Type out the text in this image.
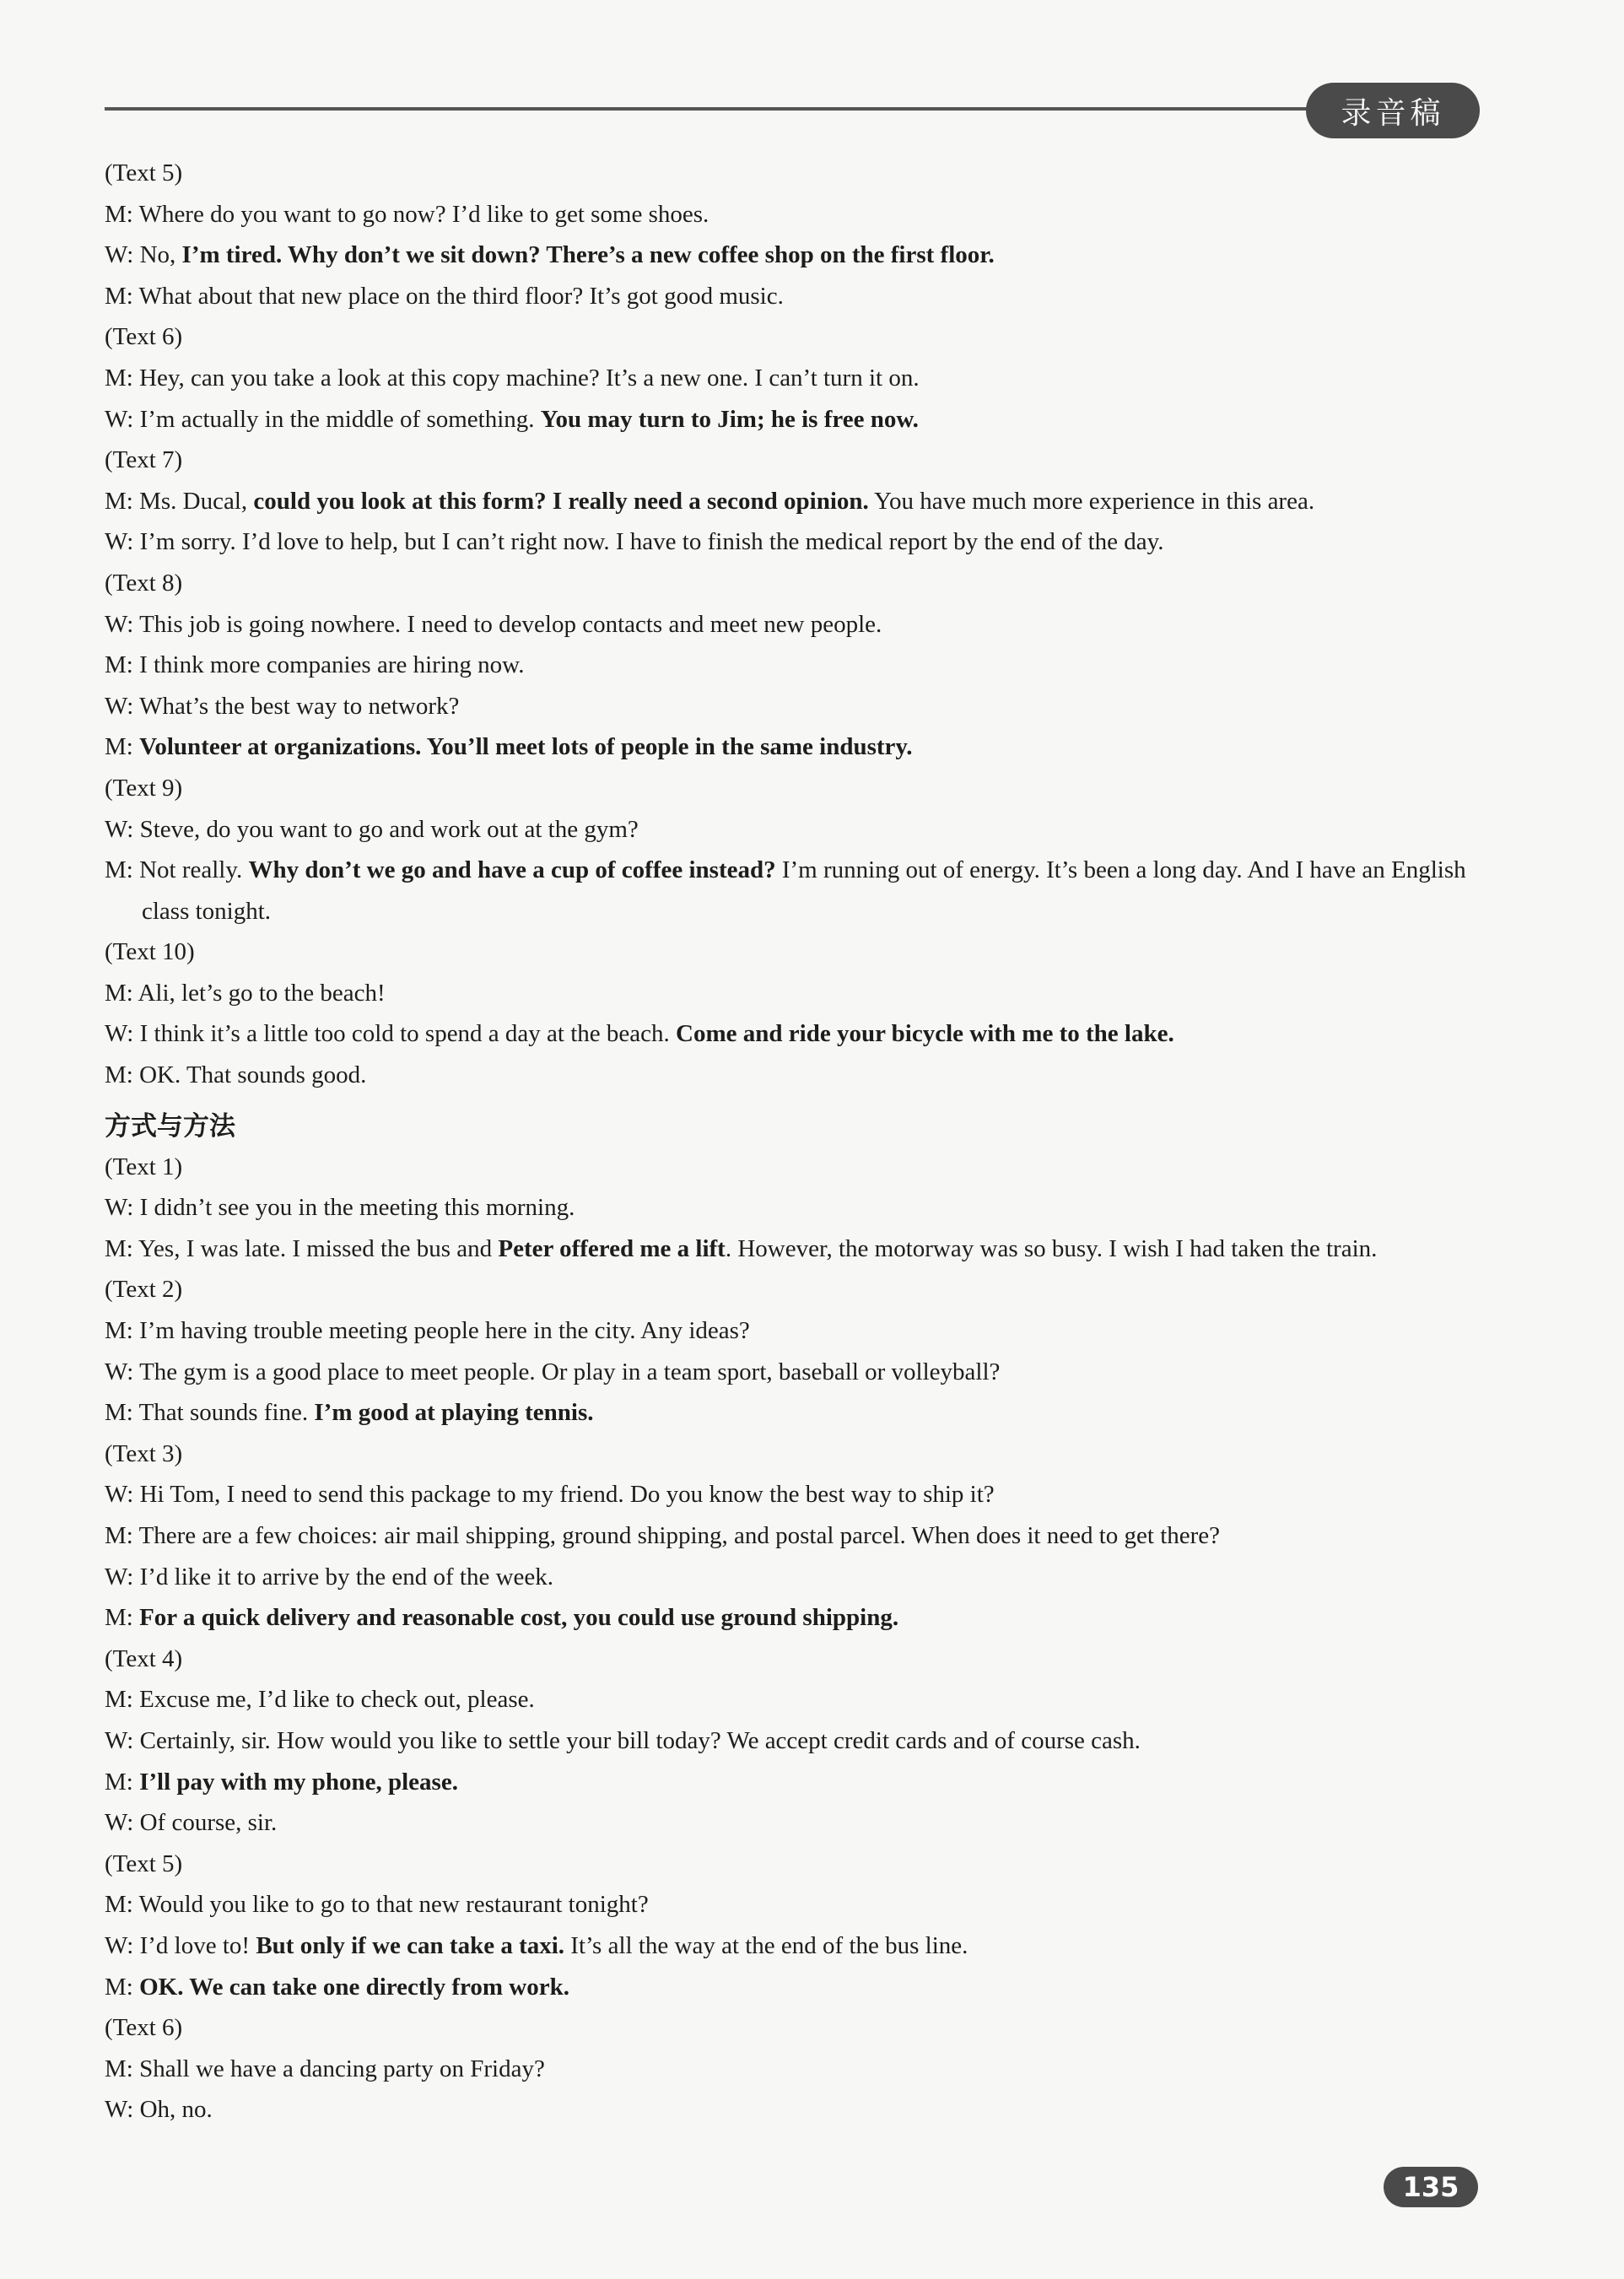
录音稿

(Text 5)

M: Where do you want to go now? I’d like to get some shoes.

W: No, I’m tired. Why don’t we sit down? There’s a new coffee shop on the first floor.

M: What about that new place on the third floor? It’s got good music.

(Text 6)

M: Hey, can you take a look at this copy machine? It’s a new one. I can’t turn it on.

W: I’m actually in the middle of something. You may turn to Jim; he is free now.

(Text 7)

M: Ms. Ducal, could you look at this form? I really need a second opinion. You have much more experience in this area.

W: I’m sorry. I’d love to help, but I can’t right now. I have to finish the medical report by the end of the day.

(Text 8)

W: This job is going nowhere. I need to develop contacts and meet new people.

M: I think more companies are hiring now.

W: What’s the best way to network?

M: Volunteer at organizations. You’ll meet lots of people in the same industry.

(Text 9)

W: Steve, do you want to go and work out at the gym?

M: Not really. Why don’t we go and have a cup of coffee instead? I’m running out of energy. It’s been a long day. And I have an English class tonight.

(Text 10)

M: Ali, let’s go to the beach!

W: I think it’s a little too cold to spend a day at the beach. Come and ride your bicycle with me to the lake.

M: OK. That sounds good.

方式与方法

(Text 1)

W: I didn’t see you in the meeting this morning.

M: Yes, I was late. I missed the bus and Peter offered me a lift. However, the motorway was so busy. I wish I had taken the train.

(Text 2)

M: I’m having trouble meeting people here in the city. Any ideas?

W: The gym is a good place to meet people. Or play in a team sport, baseball or volleyball?

M: That sounds fine. I’m good at playing tennis.

(Text 3)

W: Hi Tom, I need to send this package to my friend. Do you know the best way to ship it?

M: There are a few choices: air mail shipping, ground shipping, and postal parcel. When does it need to get there?

W: I’d like it to arrive by the end of the week.

M: For a quick delivery and reasonable cost, you could use ground shipping.

(Text 4)

M: Excuse me, I’d like to check out, please.

W: Certainly, sir. How would you like to settle your bill today? We accept credit cards and of course cash.

M: I’ll pay with my phone, please.

W: Of course, sir.

(Text 5)

M: Would you like to go to that new restaurant tonight?

W: I’d love to! But only if we can take a taxi. It’s all the way at the end of the bus line.

M: OK. We can take one directly from work.

(Text 6)

M: Shall we have a dancing party on Friday?

W: Oh, no.

135
